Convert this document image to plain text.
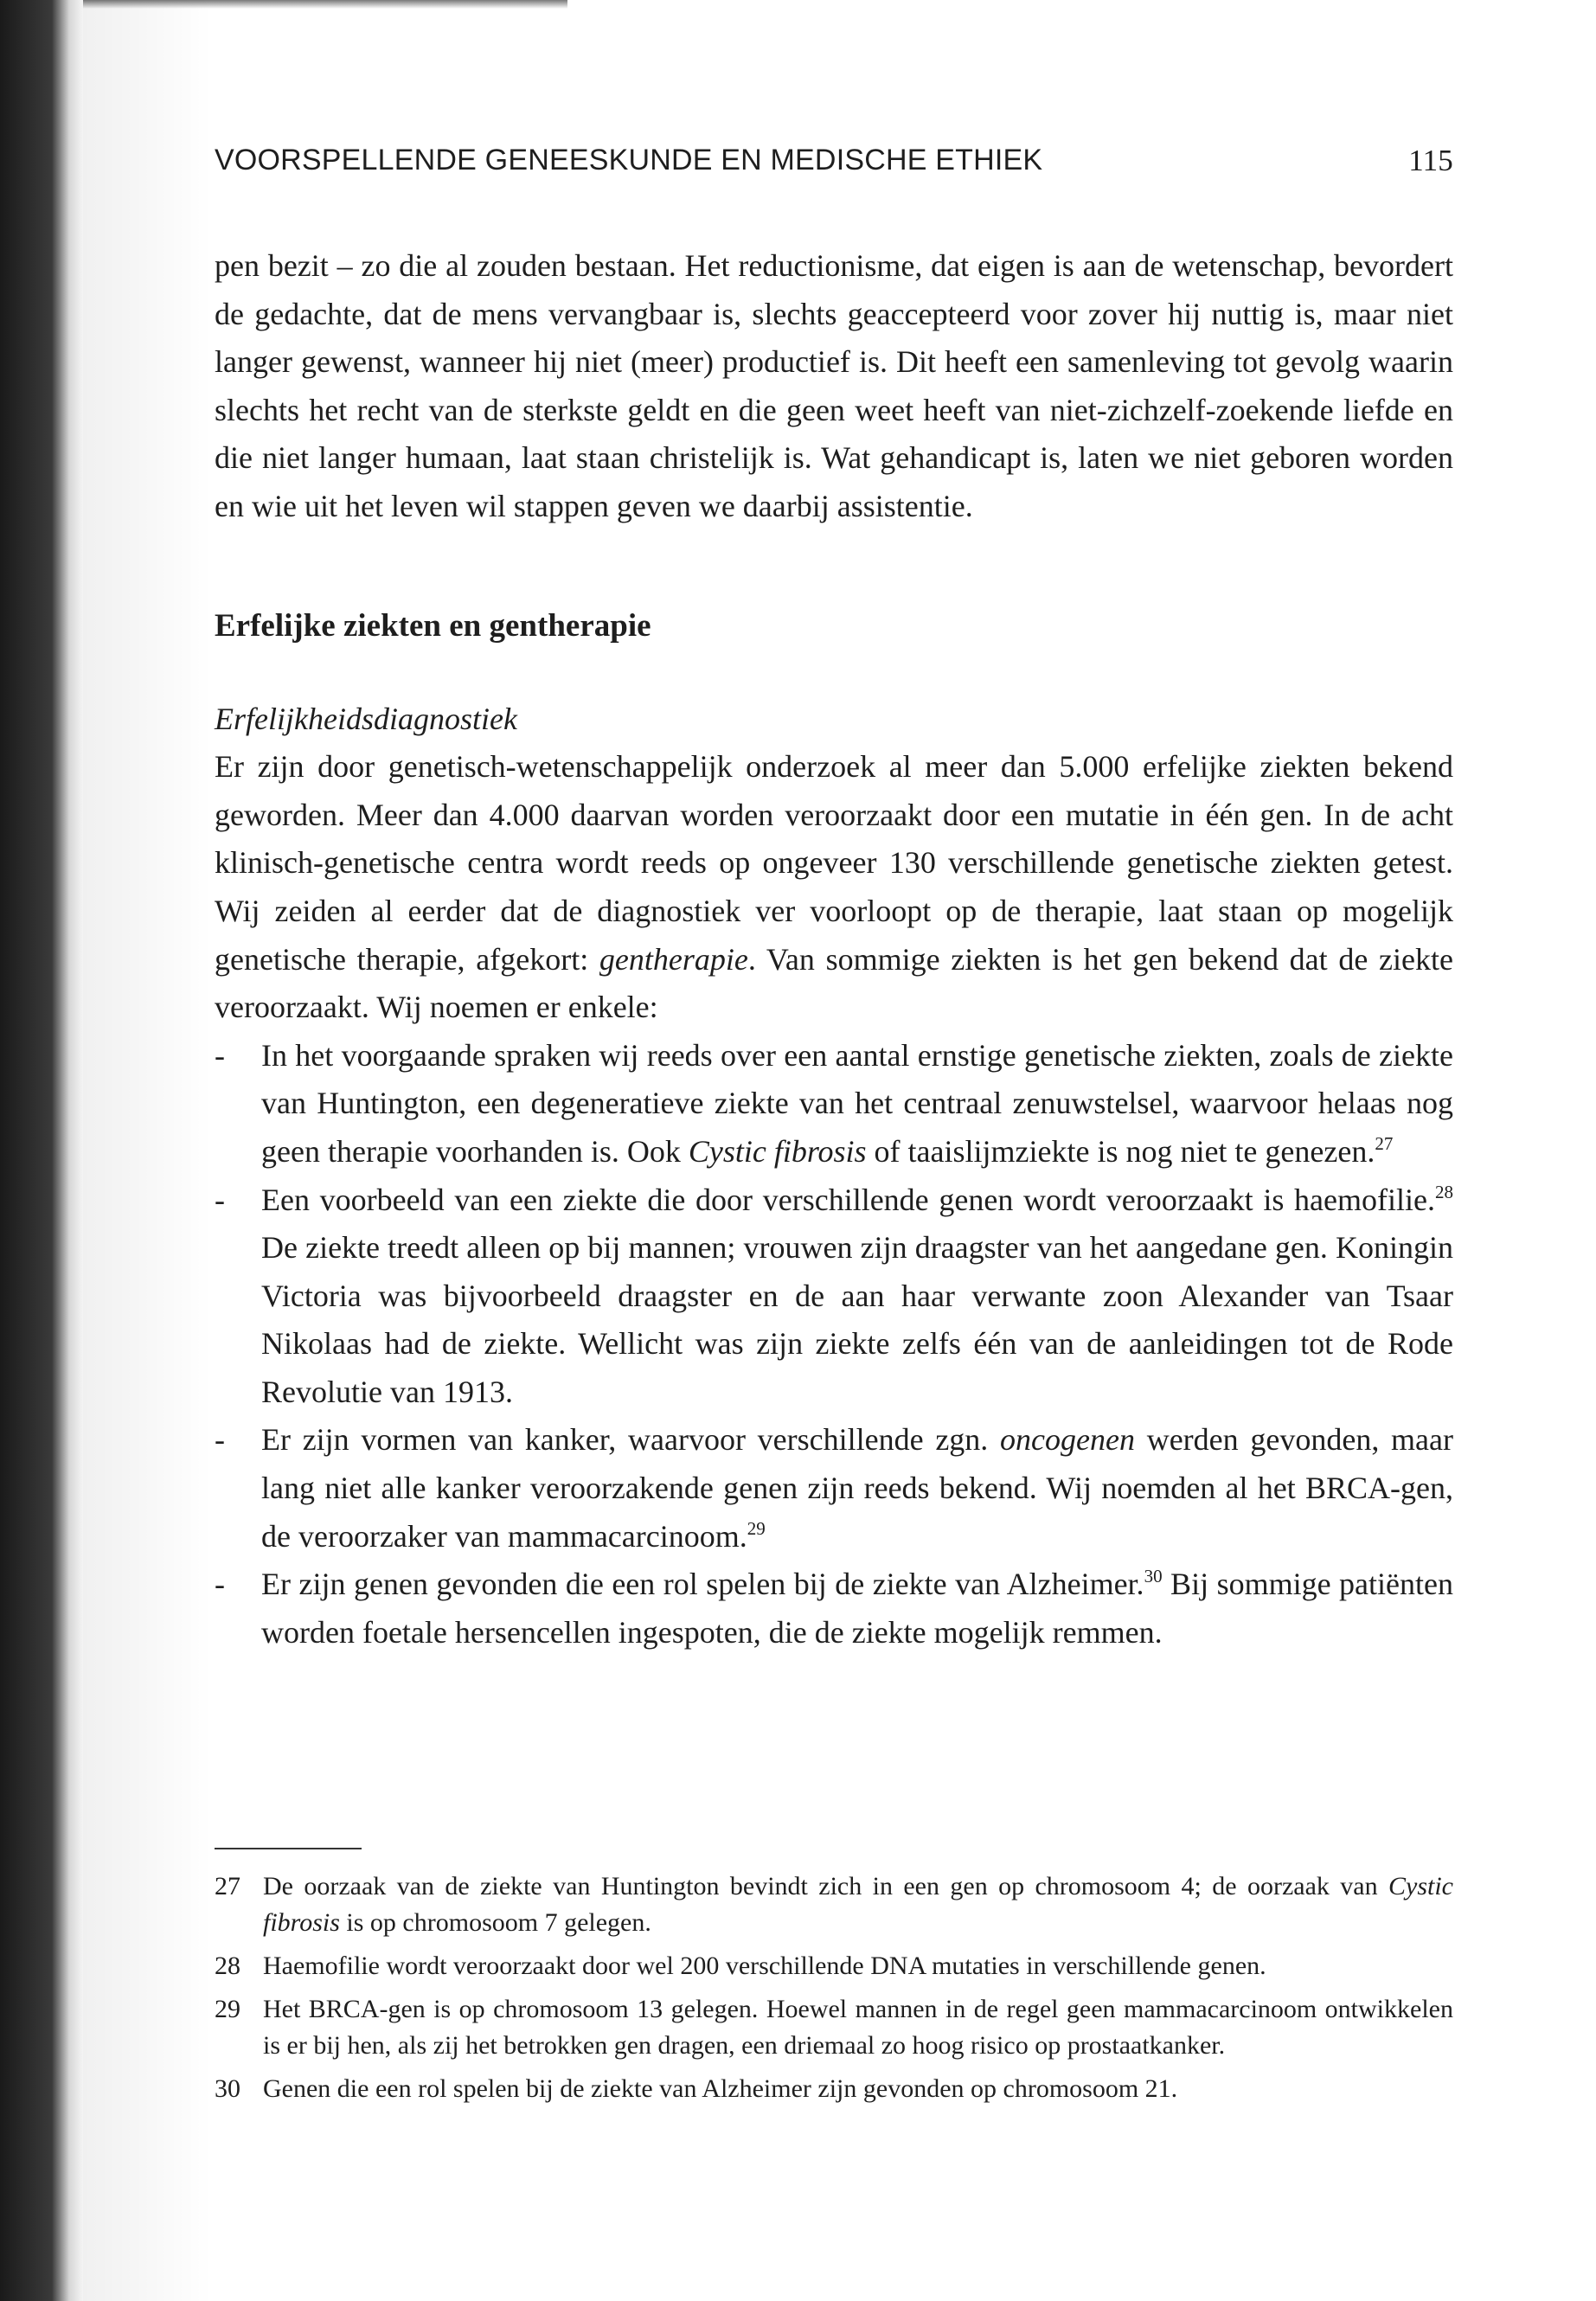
VOORSPELLENDE GENEESKUNDE EN MEDISCHE ETHIEK	115

pen bezit – zo die al zouden bestaan. Het reductionisme, dat eigen is aan de wetenschap, bevordert de gedachte, dat de mens vervangbaar is, slechts geaccepteerd voor zover hij nuttig is, maar niet langer gewenst, wanneer hij niet (meer) productief is. Dit heeft een samenleving tot gevolg waarin slechts het recht van de sterkste geldt en die geen weet heeft van niet-zichzelf-zoekende liefde en die niet langer humaan, laat staan christelijk is. Wat gehandicapt is, laten we niet geboren worden en wie uit het leven wil stappen geven we daarbij assistentie.

Erfelijke ziekten en gentherapie

Erfelijkheidsdiagnostiek

Er zijn door genetisch-wetenschappelijk onderzoek al meer dan 5.000 erfelijke ziekten bekend geworden. Meer dan 4.000 daarvan worden veroorzaakt door een mutatie in één gen. In de acht klinisch-genetische centra wordt reeds op ongeveer 130 verschillende genetische ziekten getest. Wij zeiden al eerder dat de diagnostiek ver voorloopt op de therapie, laat staan op mogelijk genetische therapie, afgekort: gentherapie. Van sommige ziekten is het gen bekend dat de ziekte veroorzaakt. Wij noemen er enkele:

- In het voorgaande spraken wij reeds over een aantal ernstige genetische ziekten, zoals de ziekte van Huntington, een degeneratieve ziekte van het centraal zenuwstelsel, waarvoor helaas nog geen therapie voorhanden is. Ook Cystic fibrosis of taaislijmziekte is nog niet te genezen.$^{27}$
- Een voorbeeld van een ziekte die door verschillende genen wordt veroorzaakt is haemofilie.$^{28}$ De ziekte treedt alleen op bij mannen; vrouwen zijn draagster van het aangedane gen. Koningin Victoria was bijvoorbeeld draagster en de aan haar verwante zoon Alexander van Tsaar Nikolaas had de ziekte. Wellicht was zijn ziekte zelfs één van de aanleidingen tot de Rode Revolutie van 1913.
- Er zijn vormen van kanker, waarvoor verschillende zgn. oncogenen werden gevonden, maar lang niet alle kanker veroorzakende genen zijn reeds bekend. Wij noemden al het BRCA-gen, de veroorzaker van mammacarcinoom.$^{29}$
- Er zijn genen gevonden die een rol spelen bij de ziekte van Alzheimer.$^{30}$ Bij sommige patiënten worden foetale hersencellen ingespoten, die de ziekte mogelijk remmen.
27 De oorzaak van de ziekte van Huntington bevindt zich in een gen op chromosoom 4; de oorzaak van Cystic fibrosis is op chromosoom 7 gelegen.
28 Haemofilie wordt veroorzaakt door wel 200 verschillende DNA mutaties in verschillende genen.
29 Het BRCA-gen is op chromosoom 13 gelegen. Hoewel mannen in de regel geen mammacarcinoom ontwikkelen is er bij hen, als zij het betrokken gen dragen, een driemaal zo hoog risico op prostaatkanker.
30 Genen die een rol spelen bij de ziekte van Alzheimer zijn gevonden op chromosoom 21.
